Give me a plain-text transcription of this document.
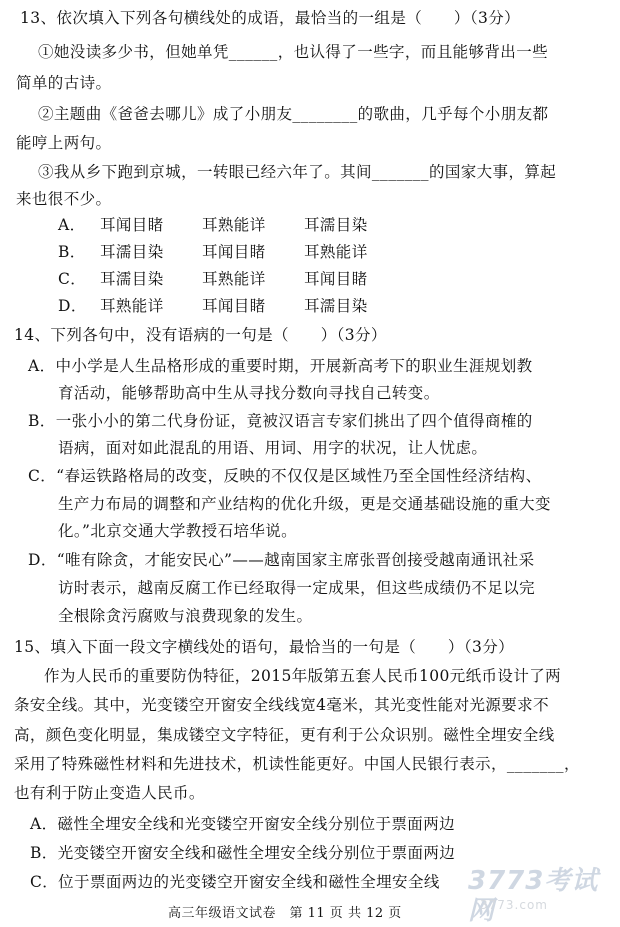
13、依次填入下列各句横线处的成语，最恰当的一组是（　　）（3分）
①她没读多少书，但她单凭______，也认得了一些字，而且能够背出一些
简单的古诗。
②主题曲《爸爸去哪儿》成了小朋友________的歌曲，几乎每个小朋友都
能哼上两句。
③我从乡下跑到京城，一转眼已经六年了。其间_______的国家大事，算起
来也很不少。
A． 耳闻目睹 耳熟能详 耳濡目染
B． 耳濡目染 耳闻目睹 耳熟能详
C． 耳濡目染 耳熟能详 耳闻目睹
D． 耳熟能详 耳闻目睹 耳濡目染
14、下列各句中，没有语病的一句是（　　）（3分）
A．中小学是人生品格形成的重要时期，开展新高考下的职业生涯规划教
育活动，能够帮助高中生从寻找分数向寻找自己转变。
B．一张小小的第二代身份证，竟被汉语言专家们挑出了四个值得商榷的
语病，面对如此混乱的用语、用词、用字的状况，让人忧虑。
C．“春运铁路格局的改变，反映的不仅仅是区域性乃至全国性经济结构、
生产力布局的调整和产业结构的优化升级，更是交通基础设施的重大变
化。”北京交通大学教授石培华说。
D．“唯有除贪，才能安民心”——越南国家主席张晋创接受越南通讯社采
访时表示，越南反腐工作已经取得一定成果，但这些成绩仍不足以完
全根除贪污腐败与浪费现象的发生。
15、填入下面一段文字横线处的语句，最恰当的一句是（　　）（3分）
作为人民币的重要防伪特征，2015年版第五套人民币100元纸币设计了两
条安全线。其中，光变镂空开窗安全线线宽4毫米，其光变性能对光源要求不
高，颜色变化明显，集成镂空文字特征，更有利于公众识别。磁性全埋安全线
采用了特殊磁性材料和先进技术，机读性能更好。中国人民银行表示，_______，
也有利于防止变造人民币。
A．磁性全埋安全线和光变镂空开窗安全线分别位于票面两边
B．光变镂空开窗安全线和磁性全埋安全线分别位于票面两边
C．位于票面两边的光变镂空开窗安全线和磁性全埋安全线
高三年级语文试卷　第 11 页 共 12 页
3773考试网
3773.com
